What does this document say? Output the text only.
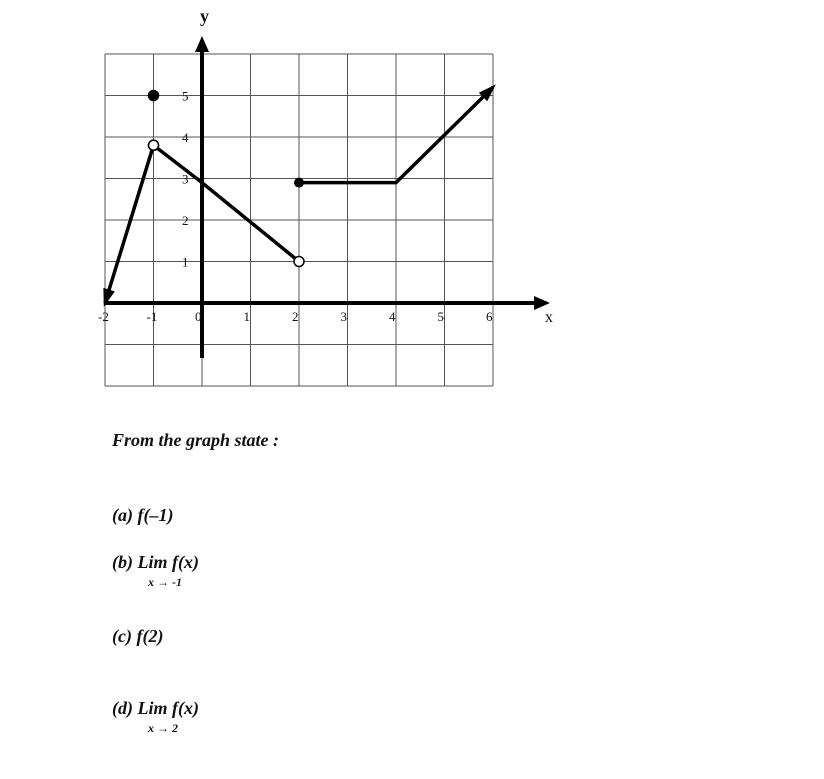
x
y
-2	-1	0	1	2	3	4	5	6
1
2
3
4
5
From the graph state :
(a) f(–1)
(b) Lim f(x)
x → -1
(c) f(2)
(d) Lim f(x)
x → 2
